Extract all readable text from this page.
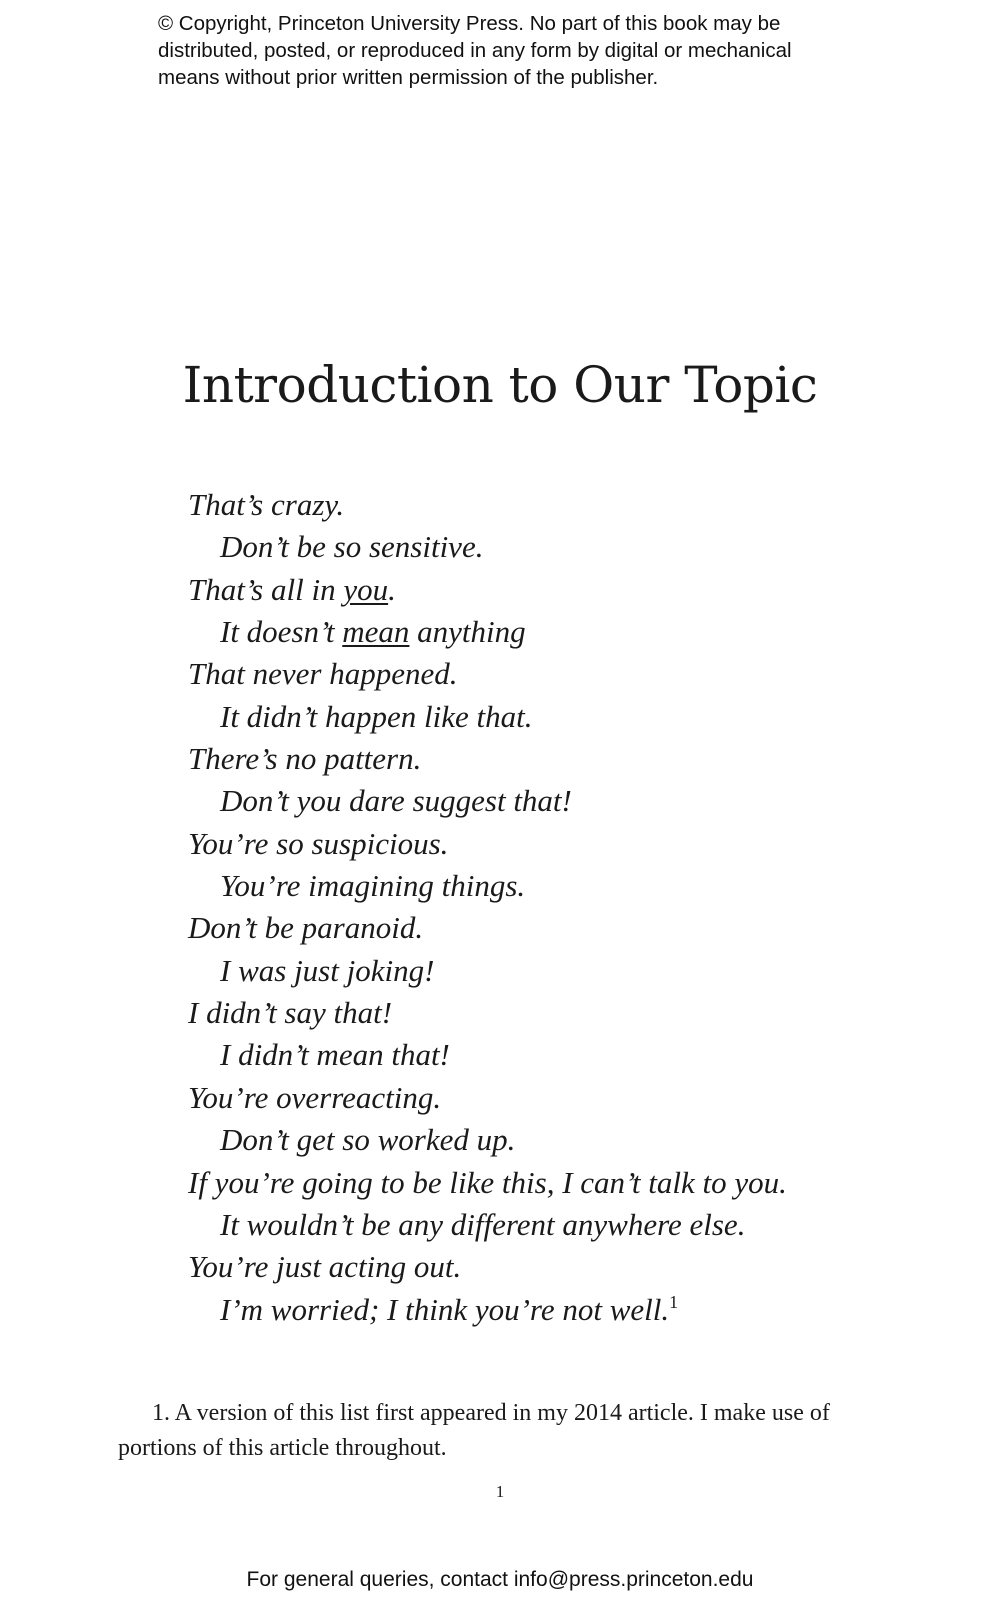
© Copyright, Princeton University Press. No part of this book may be
distributed, posted, or reproduced in any form by digital or mechanical
means without prior written permission of the publisher.
Introduction to Our Topic
That’s crazy.
Don’t be so sensitive.
That’s all in you.
It doesn’t mean anything
That never happened.
It didn’t happen like that.
There’s no pattern.
Don’t you dare suggest that!
You’re so suspicious.
You’re imagining things.
Don’t be paranoid.
I was just joking!
I didn’t say that!
I didn’t mean that!
You’re overreacting.
Don’t get so worked up.
If you’re going to be like this, I can’t talk to you.
It wouldn’t be any different anywhere else.
You’re just acting out.
I’m worried; I think you’re not well.$^1$

1. A version of this list first appeared in my 2014 article. I make use of portions of this article throughout.

1
For general queries, contact info@press.princeton.edu
